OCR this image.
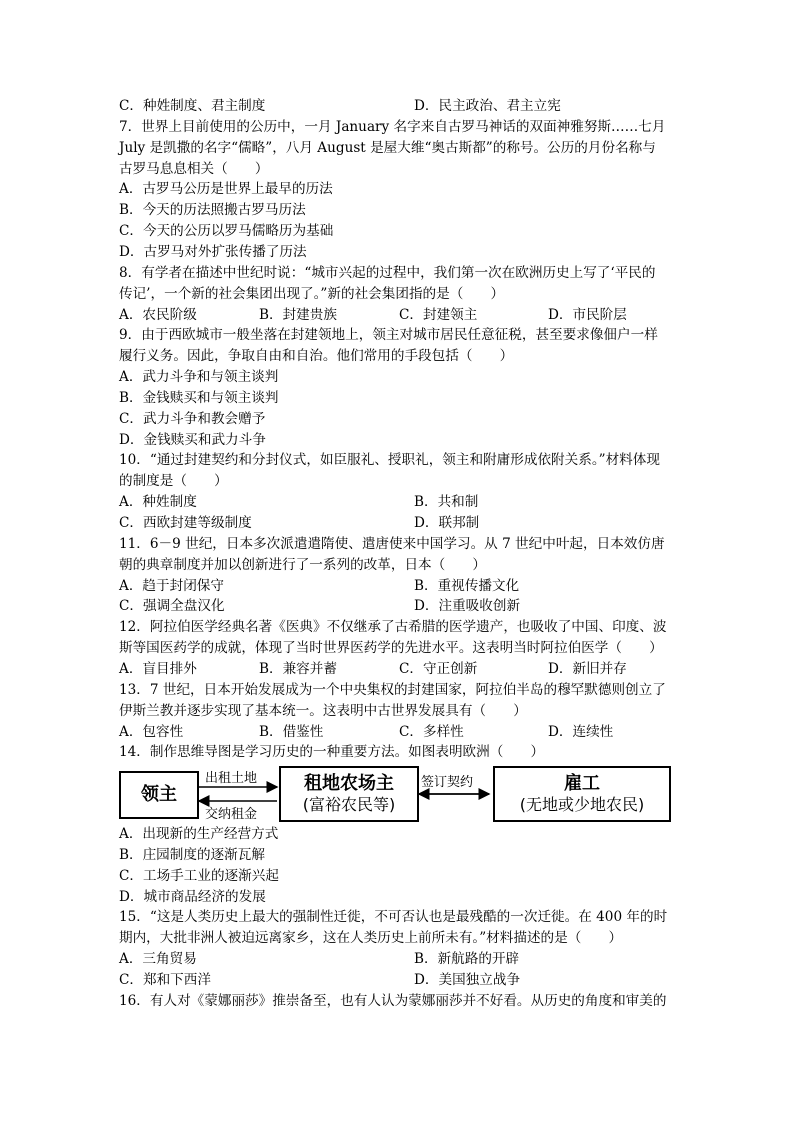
C．种姓制度、君主制度	D．民主政治、君主立宪
7．世界上目前使用的公历中，一月 January 名字来自古罗马神话的双面神雅努斯……七月
July 是凯撒的名字“儒略”，八月 August 是屋大维“奥古斯都”的称号。公历的月份名称与
古罗马息息相关（　　）
A．古罗马公历是世界上最早的历法
B．今天的历法照搬古罗马历法
C．今天的公历以罗马儒略历为基础
D．古罗马对外扩张传播了历法
8．有学者在描述中世纪时说：“城市兴起的过程中，我们第一次在欧洲历史上写了‘平民的
传记’，一个新的社会集团出现了。”新的社会集团指的是（　　）
A．农民阶级	B．封建贵族	C．封建领主	D．市民阶层
9．由于西欧城市一般坐落在封建领地上，领主对城市居民任意征税，甚至要求像佃户一样
履行义务。因此，争取自由和自治。他们常用的手段包括（　　）
A．武力斗争和与领主谈判
B．金钱赎买和与领主谈判
C．武力斗争和教会赠予
D．金钱赎买和武力斗争
10．“通过封建契约和分封仪式，如臣服礼、授职礼，领主和附庸形成依附关系。”材料体现
的制度是（　　）
A．种姓制度	B．共和制
C．西欧封建等级制度	D．联邦制
11．6－9 世纪，日本多次派遣遣隋使、遣唐使来中国学习。从 7 世纪中叶起，日本效仿唐
朝的典章制度并加以创新进行了一系列的改革，日本（　　）
A．趋于封闭保守	B．重视传播文化
C．强调全盘汉化	D．注重吸收创新
12．阿拉伯医学经典名著《医典》不仅继承了古希腊的医学遗产，也吸收了中国、印度、波
斯等国医药学的成就，体现了当时世界医药学的先进水平。这表明当时阿拉伯医学（　　）
A．盲目排外	B．兼容并蓄	C．守正创新	D．新旧并存
13．7 世纪，日本开始发展成为一个中央集权的封建国家，阿拉伯半岛的穆罕默德则创立了
伊斯兰教并逐步实现了基本统一。这表明中古世界发展具有（　　）
A．包容性	B．借鉴性	C．多样性	D．连续性
14．制作思维导图是学习历史的一种重要方法。如图表明欧洲（　　）
领主
租地农场主
(富裕农民等)
雇工
(无地或少地农民)
出租土地
交纳租金
签订契约
A．出现新的生产经营方式
B．庄园制度的逐渐瓦解
C．工场手工业的逐渐兴起
D．城市商品经济的发展
15．“这是人类历史上最大的强制性迁徙，不可否认也是最残酷的一次迁徙。在 400 年的时
期内，大批非洲人被迫远离家乡，这在人类历史上前所未有。”材料描述的是（　　）
A．三角贸易	B．新航路的开辟
C．郑和下西洋	D．美国独立战争
16．有人对《蒙娜丽莎》推崇备至，也有人认为蒙娜丽莎并不好看。从历史的角度和审美的
